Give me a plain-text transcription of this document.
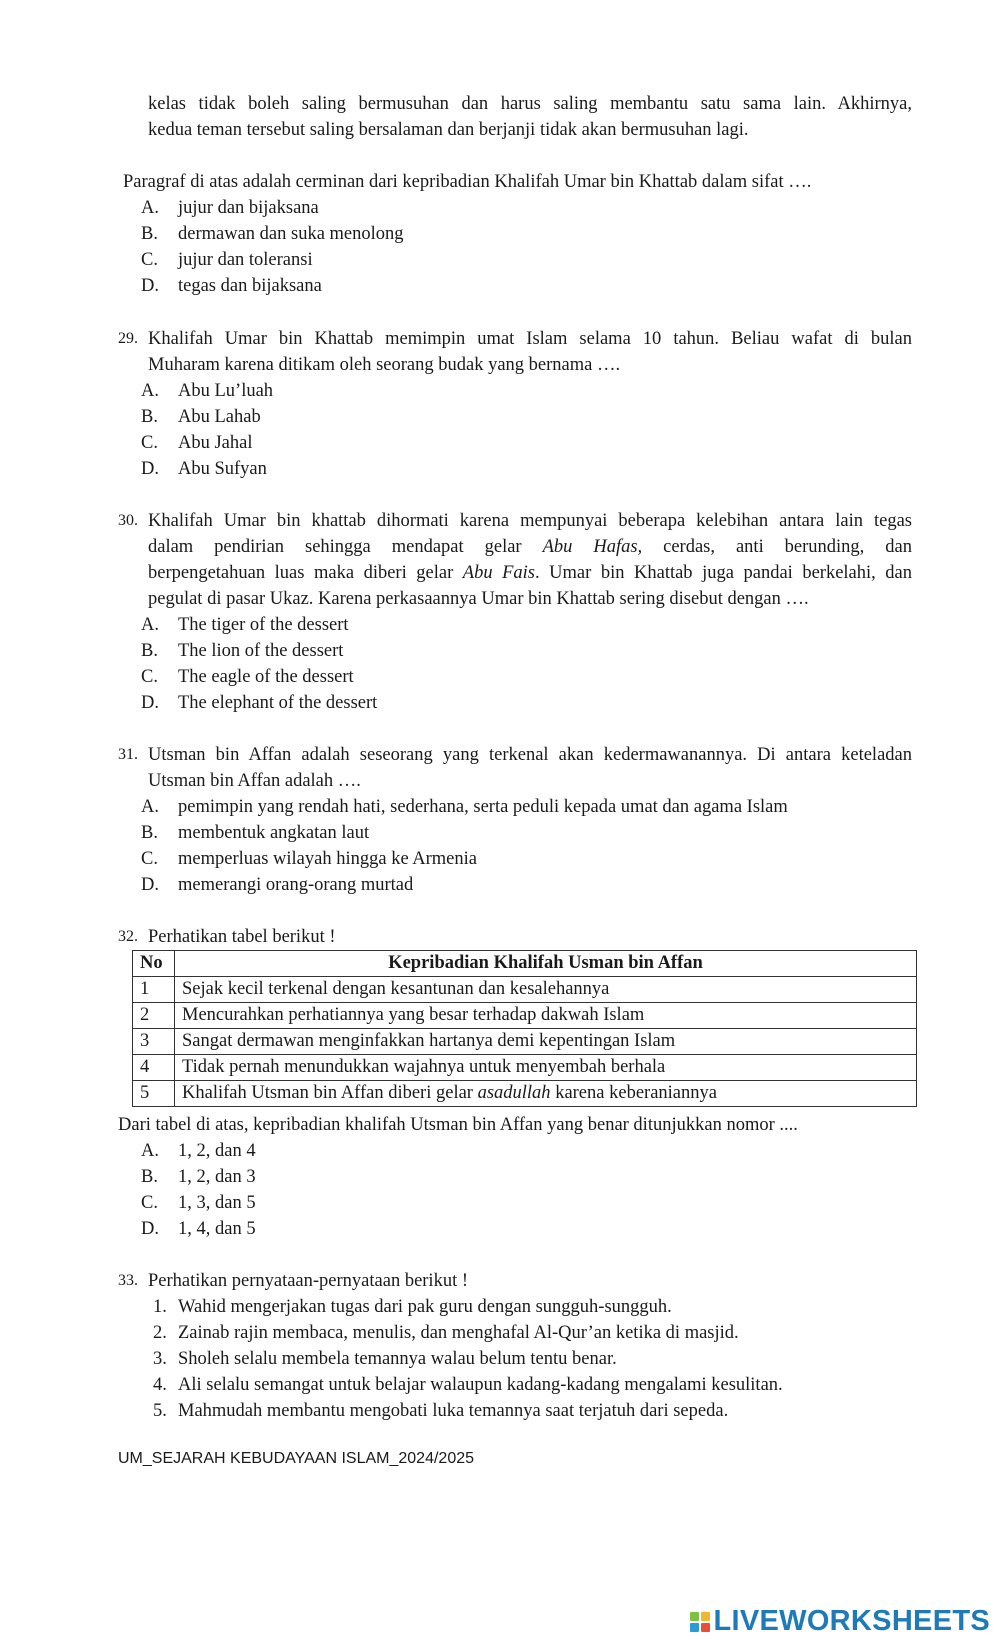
kelas tidak boleh saling bermusuhan dan harus saling membantu satu sama lain. Akhirnya,
kedua teman tersebut saling bersalaman dan berjanji tidak akan bermusuhan lagi.
Paragraf di atas adalah cerminan dari kepribadian Khalifah Umar bin Khattab dalam sifat ….
A. jujur dan bijaksana
B. dermawan dan suka menolong
C. jujur dan toleransi
D. tegas dan bijaksana
29. Khalifah Umar bin Khattab memimpin umat Islam selama 10 tahun. Beliau wafat di bulan
Muharam karena ditikam oleh seorang budak yang bernama ….
A. Abu Lu’luah
B. Abu Lahab
C. Abu Jahal
D. Abu Sufyan
30. Khalifah Umar bin khattab dihormati karena mempunyai beberapa kelebihan antara lain tegas
dalam pendirian sehingga mendapat gelar Abu Hafas, cerdas, anti berunding, dan
berpengetahuan luas maka diberi gelar Abu Fais. Umar bin Khattab juga pandai berkelahi, dan
pegulat di pasar Ukaz. Karena perkasaannya Umar bin Khattab sering disebut dengan ….
A. The tiger of the dessert
B. The lion of the dessert
C. The eagle of the dessert
D. The elephant of the dessert
31. Utsman bin Affan adalah seseorang yang terkenal akan kedermawanannya. Di antara keteladan
Utsman bin Affan adalah ….
A. pemimpin yang rendah hati, sederhana, serta peduli kepada umat dan agama Islam
B. membentuk angkatan laut
C. memperluas wilayah hingga ke Armenia
D. memerangi orang-orang murtad
32. Perhatikan tabel berikut !
No	Kepribadian Khalifah Usman bin Affan
1	Sejak kecil terkenal dengan kesantunan dan kesalehannya
2	Mencurahkan perhatiannya yang besar terhadap dakwah Islam
3	Sangat dermawan menginfakkan hartanya demi kepentingan Islam
4	Tidak pernah menundukkan wajahnya untuk menyembah berhala
5	Khalifah Utsman bin Affan diberi gelar asadullah karena keberaniannya
Dari tabel di atas, kepribadian khalifah Utsman bin Affan yang benar ditunjukkan nomor ....
A. 1, 2, dan 4
B. 1, 2, dan 3
C. 1, 3, dan 5
D. 1, 4, dan 5
33. Perhatikan pernyataan-pernyataan berikut !
1. Wahid mengerjakan tugas dari pak guru dengan sungguh-sungguh.
2. Zainab rajin membaca, menulis, dan menghafal Al-Qur’an ketika di masjid.
3. Sholeh selalu membela temannya walau belum tentu benar.
4. Ali selalu semangat untuk belajar walaupun kadang-kadang mengalami kesulitan.
5. Mahmudah membantu mengobati luka temannya saat terjatuh dari sepeda.
UM_SEJARAH KEBUDAYAAN ISLAM_2024/2025
LIVEWORKSHEETS
